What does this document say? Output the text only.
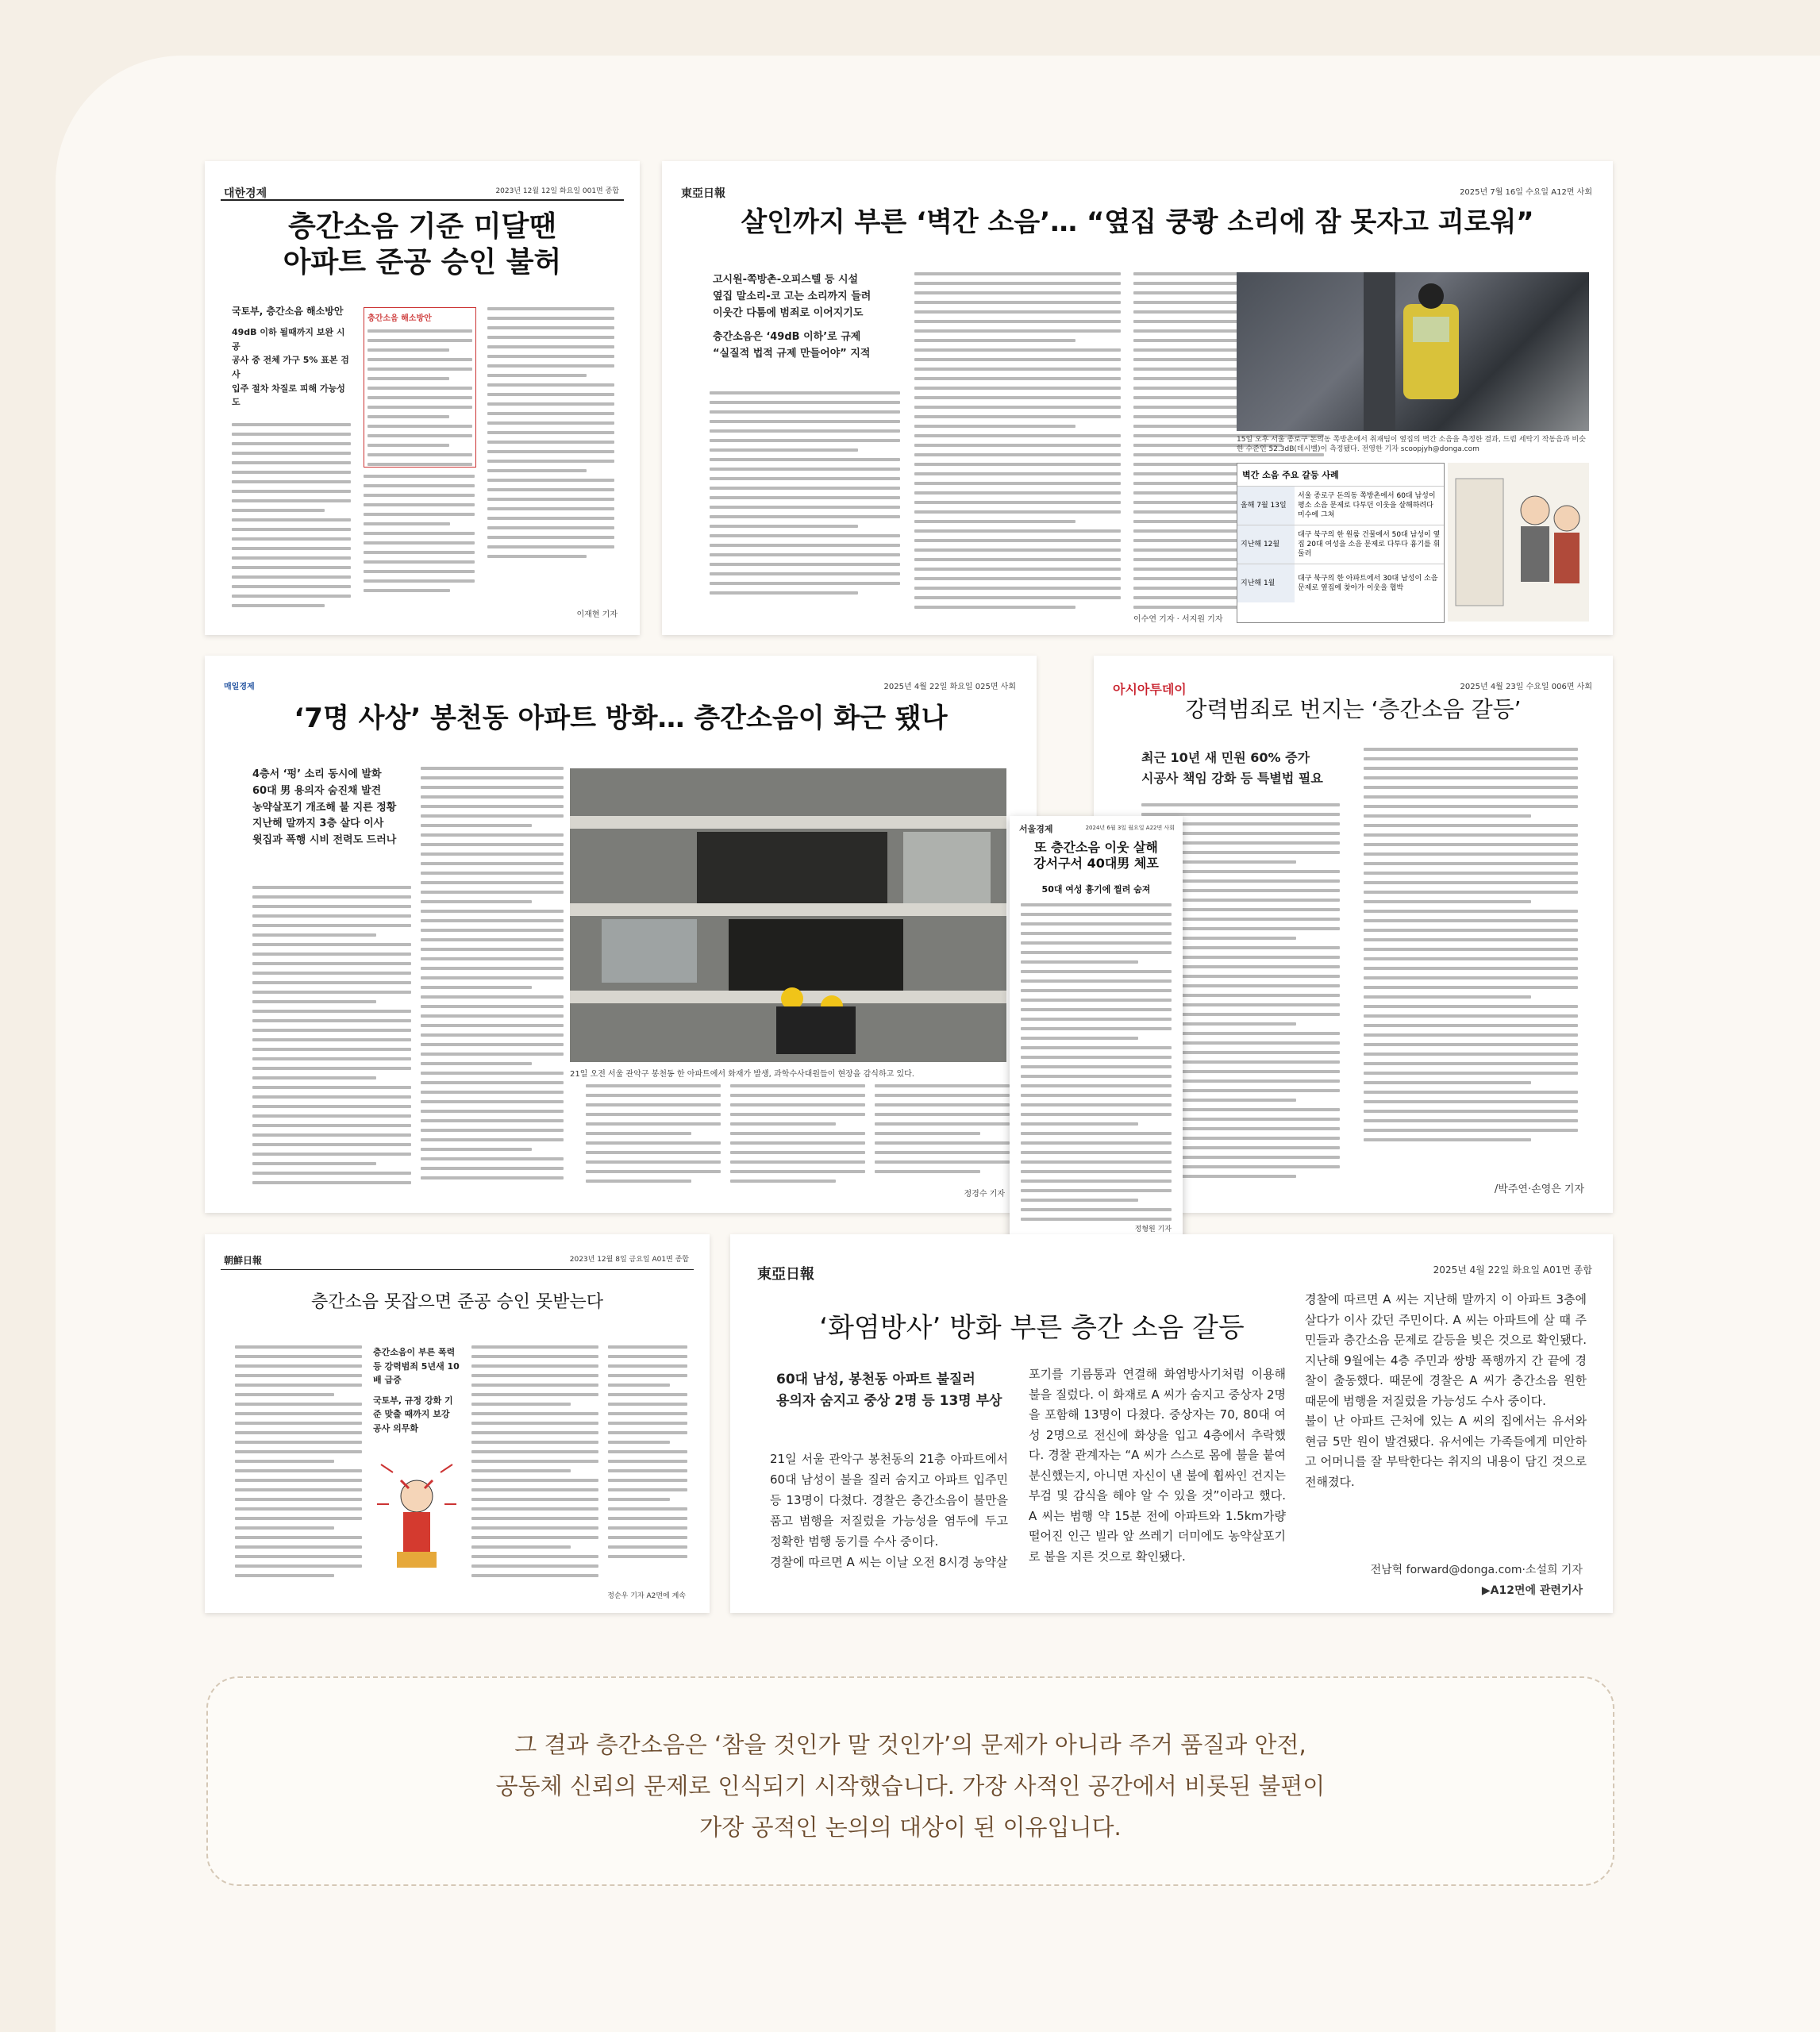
대한경제	2023년 12월 12일 화요일 001면 종합
층간소음 기준 미달땐
아파트 준공 승인 불허
국토부, 층간소음 해소방안
49dB 이하 될때까지 보완 시공
공사 중 전체 가구 5% 표본 검사
입주 절차 차질로 피해 가능성도
층간소음 해소방안
이재현 기자
東亞日報	2025년 7월 16일 수요일 A12면 사회
살인까지 부른 ‘벽간 소음’… “옆집 쿵쾅 소리에 잠 못자고 괴로워”
고시원-쪽방촌-오피스텔 등 시설
옆집 말소리-코 고는 소리까지 들려
이웃간 다툼에 범죄로 이어지기도
층간소음은 ‘49dB 이하’로 규제
“실질적 법적 규제 만들어야” 지적
15일 오후 서울 종로구 돈의동 쪽방촌에서 취재팀이 옆집의 벽간 소음을 측정한 결과, 드럼 세탁기 작동음과 비슷한 수준인 52.3dB(데시벨)이 측정됐다. 전영한 기자 scoopjyh@donga.com
벽간 소음 주요 갈등 사례
올해 7월 13일
서울 종로구 돈의동 쪽방촌에서 60대 남성이 평소 소음 문제로 다투던 이웃을 살해하려다 미수에 그쳐
지난해 12월
대구 북구의 한 원룸 건물에서 50대 남성이 옆집 20대 여성을 소음 문제로 다투다 흉기를 휘둘러
지난해 1월
대구 북구의 한 아파트에서 30대 남성이 소음 문제로 옆집에 찾아가 이웃을 협박
이수연 기자 · 서지원 기자
매일경제	2025년 4월 22일 화요일 025면 사회
‘7명 사상’ 봉천동 아파트 방화… 층간소음이 화근 됐나
4층서 ‘펑’ 소리 동시에 발화
60대 男 용의자 숨진채 발견
농약살포기 개조해 불 지른 정황
지난해 말까지 3층 살다 이사
윗집과 폭행 시비 전력도 드러나
21일 오전 서울 관악구 봉천동 한 아파트에서 화재가 발생, 과학수사대원들이 현장을 감식하고 있다.
정경수 기자
아시아투데이	2025년 4월 23일 수요일 006면 사회
강력범죄로 번지는 ‘층간소음 갈등’
최근 10년 새 민원 60% 증가
시공사 책임 강화 등 특별법 필요
/박주연·손영은 기자
서울경제	2024년 6월 3일 월요일 A22면 사회
또 층간소음 이웃 살해
강서구서 40대男 체포
50대 여성 흉기에 찔려 숨져
정형원 기자
朝鮮日報	2023년 12월 8일 금요일 A01면 종합
층간소음 못잡으면 준공 승인 못받는다
층간소음이 부른 폭력 등 강력범죄 5년새 10배 급증
국토부, 규정 강화 기준 맞출 때까지 보강 공사 의무화
정순우 기자 A2면에 계속
東亞日報	2025년 4월 22일 화요일 A01면 종합
‘화염방사’ 방화 부른 층간 소음 갈등
60대 남성, 봉천동 아파트 불질러
용의자 숨지고 중상 2명 등 13명 부상
21일 서울 관악구 봉천동의 21층 아파트에서 60대 남성이 불을 질러 숨지고 아파트 입주민 등 13명이 다쳤다. 경찰은 층간소음이 불만을 품고 범행을 저질렀을 가능성을 염두에 두고 정확한 범행 동기를 수사 중이다.
경찰에 따르면 A 씨는 이날 오전 8시경 농약살
포기를 기름통과 연결해 화염방사기처럼 이용해 불을 질렀다. 이 화재로 A 씨가 숨지고 중상자 2명을 포함해 13명이 다쳤다. 중상자는 70, 80대 여성 2명으로 전신에 화상을 입고 4층에서 추락했다. 경찰 관계자는 “A 씨가 스스로 몸에 불을 붙여 분신했는지, 아니면 자신이 낸 불에 휩싸인 건지는 부검 및 감식을 해야 알 수 있을 것”이라고 했다. A 씨는 범행 약 15분 전에 아파트와 1.5km가량 떨어진 인근 빌라 앞 쓰레기 더미에도 농약살포기로 불을 지른 것으로 확인됐다.
경찰에 따르면 A 씨는 지난해 말까지 이 아파트 3층에 살다가 이사 갔던 주민이다. A 씨는 아파트에 살 때 주민들과 층간소음 문제로 갈등을 빚은 것으로 확인됐다. 지난해 9월에는 4층 주민과 쌍방 폭행까지 간 끝에 경찰이 출동했다. 때문에 경찰은 A 씨가 층간소음 원한 때문에 범행을 저질렀을 가능성도 수사 중이다.
불이 난 아파트 근처에 있는 A 씨의 집에서는 유서와 현금 5만 원이 발견됐다. 유서에는 가족들에게 미안하고 어머니를 잘 부탁한다는 취지의 내용이 담긴 것으로 전해졌다.
전남혁 forward@donga.com·소설희 기자
▶A12면에 관련기사
그 결과 층간소음은 ‘참을 것인가 말 것인가’의 문제가 아니라 주거 품질과 안전,
공동체 신뢰의 문제로 인식되기 시작했습니다. 가장 사적인 공간에서 비롯된 불편이
가장 공적인 논의의 대상이 된 이유입니다.
